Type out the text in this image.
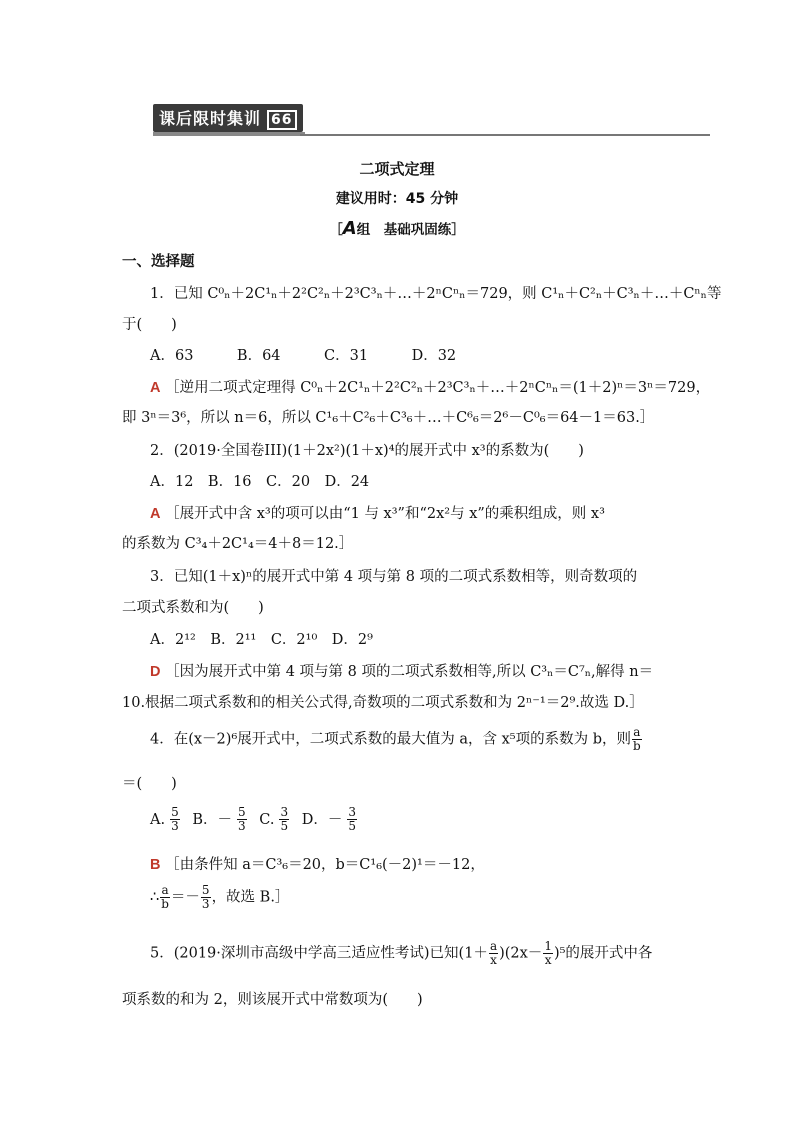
课后限时集训 66
二项式定理
建议用时：45 分钟
［A组　基础巩固练］
一、选择题
1．已知 C⁰ₙ＋2C¹ₙ＋2²C²ₙ＋2³C³ₙ＋…＋2ⁿCⁿₙ＝729，则 C¹ₙ＋C²ₙ＋C³ₙ＋…＋Cⁿₙ等
于(　　)
A．63　　　B．64　　　C．31　　　D．32
A ［逆用二项式定理得 C⁰ₙ＋2C¹ₙ＋2²C²ₙ＋2³C³ₙ＋…＋2ⁿCⁿₙ＝(1＋2)ⁿ＝3ⁿ＝729，
即 3ⁿ＝3⁶，所以 n＝6，所以 C¹₆＋C²₆＋C³₆＋…＋C⁶₆＝2⁶－C⁰₆＝64－1＝63.］
2．(2019·全国卷III)(1＋2x²)(1＋x)⁴的展开式中 x³的系数为(　　)
A．12　B．16　C．20　D．24
A ［展开式中含 x³的项可以由“1 与 x³”和“2x²与 x”的乘积组成，则 x³
的系数为 C³₄＋2C¹₄＝4＋8＝12.］
3．已知(1＋x)ⁿ的展开式中第 4 项与第 8 项的二项式系数相等，则奇数项的
二项式系数和为(　　)
A．2¹²　B．2¹¹　C．2¹⁰　D．2⁹
D ［因为展开式中第 4 项与第 8 项的二项式系数相等,所以 C³ₙ＝C⁷ₙ,解得 n＝
10.根据二项式系数和的相关公式得,奇数项的二项式系数和为 2ⁿ⁻¹＝2⁹.故选 D.］
4．在(x－2)⁶展开式中，二项式系数的最大值为 a，含 x⁵项的系数为 b，则 $\frac{a}{b}$
＝(　　)
A. $\frac{5}{3}$ B．－ $\frac{5}{3} C$. $\frac{3}{5}$ D．－ $\frac{3}{5}$
B ［由条件知 a＝C³₆＝20，b＝C¹₆(－2)¹＝－12，
∴ $\frac{a}{b} =- \frac{5}{3}$ ，故选 B.］
5．(2019·深圳市高级中学高三适应性考试)已知$(1+ \frac{a}{x} )(2x- \frac{1}{x} )^5$的展开式中各
项系数的和为 2，则该展开式中常数项为(　　)
